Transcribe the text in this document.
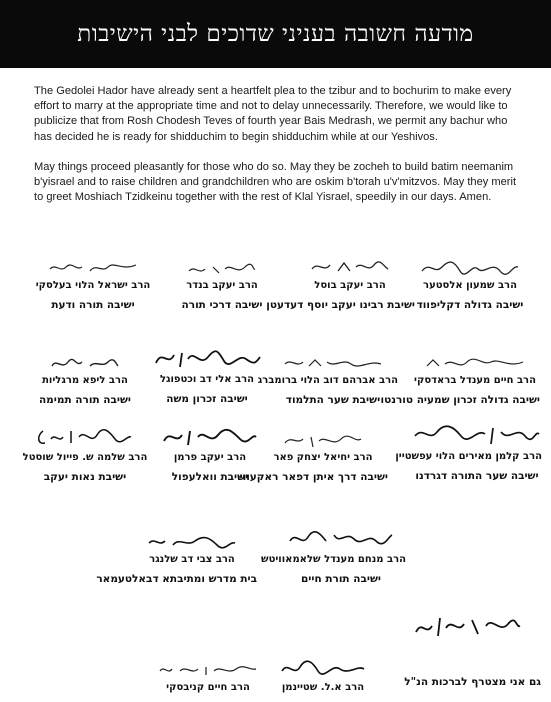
מודעה חשובה בעניני שדוכים לבני הישיבות

The Gedolei Hador have already sent a heartfelt plea to the tzibur and to bochurim to make every effort to marry at the appropriate time and not to delay unnecessarily. Therefore, we would like to publicize that from Rosh Chodesh Teves of fourth year Bais Medrash, we permit any bachur who has decided he is ready for shidduchim to begin shidduchim while at our Yeshivos.

May things proceed pleasantly for those who do so. May they be zocheh to build batim neemanim b'yisrael and to raise children and grandchildren who are oskim b'torah u'v'mitzvos. May they merit to greet Moshiach Tzidkeinu together with the rest of Klal Yisrael, speedily in our days. Amen.

הרב שמעון אלסטער
ישיבה גדולה דקליפווד
הרב יעקב בוסל
ישיבת רבינו יעקב יוסף דעדעטן
הרב יעקב בנדר
ישיבה דרכי תורה
הרב ישראל הלוי בעלסקי
ישיבה תורה ודעת
הרב חיים מענדל בראדסקי
ישיבה גדולה זכרון שמעיה טורנטו
הרב אברהם דוב הלוי ברומברג
ישיבת שער התלמוד
הרב אלי דב וכטפוגל
ישיבה זכרון משה
הרב ליפא מרגליות
ישיבה תורה תמימה
הרב קלמן מאירים הלוי עפשטיין
ישיבה שער התורה דגרדנו
הרב יחיאל יצחק פאר
ישיבה דרך איתן דפאר ראקעווי
הרב יעקב פרמן
ישיבת וואלעפול
הרב שלמה ש. פייול שוסטל
ישיבת נאות יעקב
הרב מנחם מענדל שלאמאוויטש
ישיבה תורת חיים
הרב צבי דב שלנגר
בית מדרש ומתיבתא דבאלטעמאר
גם אני מצטרף לברכות הנ"ל
הרב א.ל. שטיינמן
הרב חיים קניבסקי
